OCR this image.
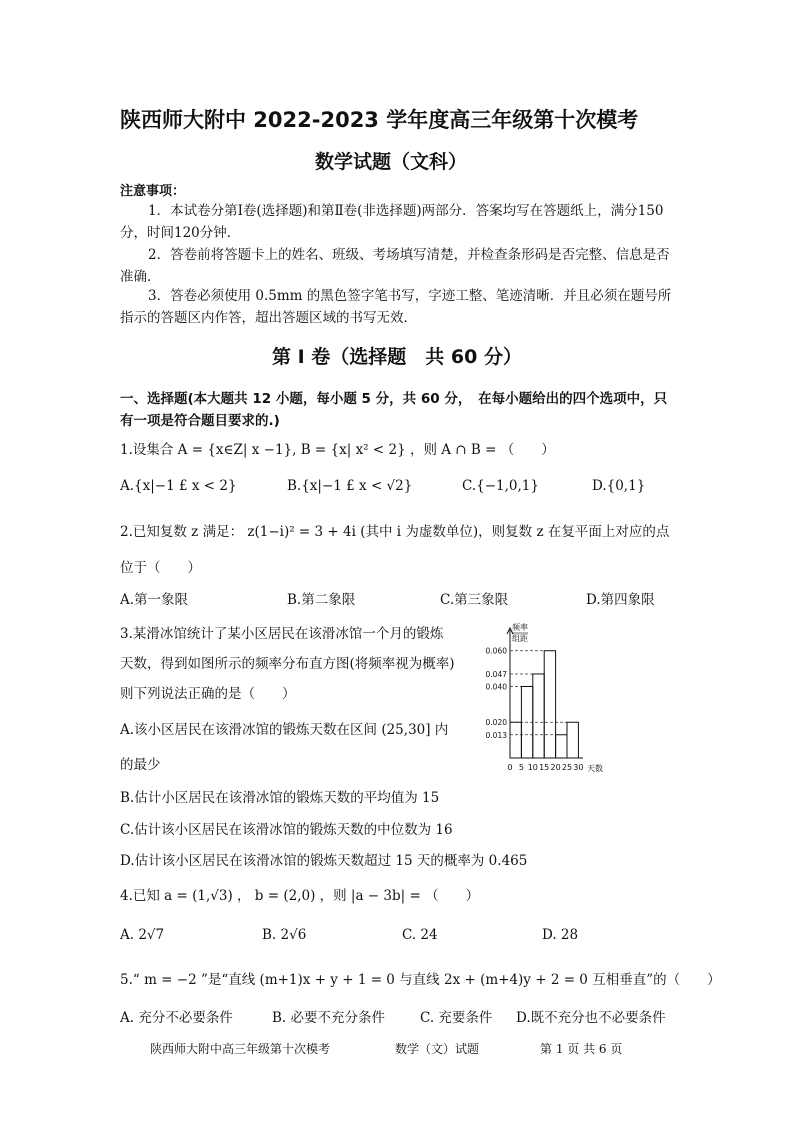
陕西师大附中 2022-2023 学年度高三年级第十次模考
数学试题（文科）
注意事项：
1．本试卷分第Ⅰ卷(选择题)和第Ⅱ卷(非选择题)两部分．答案均写在答题纸上，满分150分，时间120分钟．
2．答卷前将答题卡上的姓名、班级、考场填写清楚，并检查条形码是否完整、信息是否准确．
3．答卷必须使用 0.5mm 的黑色签字笔书写，字迹工整、笔迹清晰．并且必须在题号所指示的答题区内作答，超出答题区域的书写无效．
第 Ⅰ 卷（选择题　共 60 分）
一、选择题(本大题共 12 小题，每小题 5 分，共 60 分，　在每小题给出的四个选项中，只有一项是符合题目要求的.)
1.设集合 A = {x∈Z| x −1}, B = {x| x² < 2} ，则 A ∩ B = （　　）
A.{x|−1 £ x < 2}	B.{x|−1 £ x < √2}	C.{−1,0,1}	D.{0,1}
2.已知复数 z 满足： z(1−i)² = 3 + 4i (其中 i 为虚数单位)，则复数 z 在复平面上对应的点
位于（　　）
A.第一象限	B.第二象限	C.第三象限	D.第四象限
3.某滑冰馆统计了某小区居民在该滑冰馆一个月的锻炼
天数，得到如图所示的频率分布直方图(将频率视为概率)
则下列说法正确的是（　　）
A.该小区居民在该滑冰馆的锻炼天数在区间 (25,30] 内
的最少
B.估计小区居民在该滑冰馆的锻炼天数的平均值为 15
C.估计该小区居民在该滑冰馆的锻炼天数的中位数为 16
D.估计该小区居民在该滑冰馆的锻炼天数超过 15 天的概率为 0.465
0.060
0.047
0.040
0.020
0.013
0 5 10 15 20 25 30 天数
频率
组距
4.已知 a = (1,√3) ， b = (2,0) ，则 |a − 3b| = （　　）
A. 2√7	B. 2√6	C. 24	D. 28
5.“ m = −2 ”是“直线 (m+1)x + y + 1 = 0 与直线 2x + (m+4)y + 2 = 0 互相垂直”的（　　）
A. 充分不必要条件	B. 必要不充分条件	C. 充要条件 D.既不充分也不必要条件
陕西师大附中高三年级第十次模考	数学（文）试题	第 1 页 共 6 页
